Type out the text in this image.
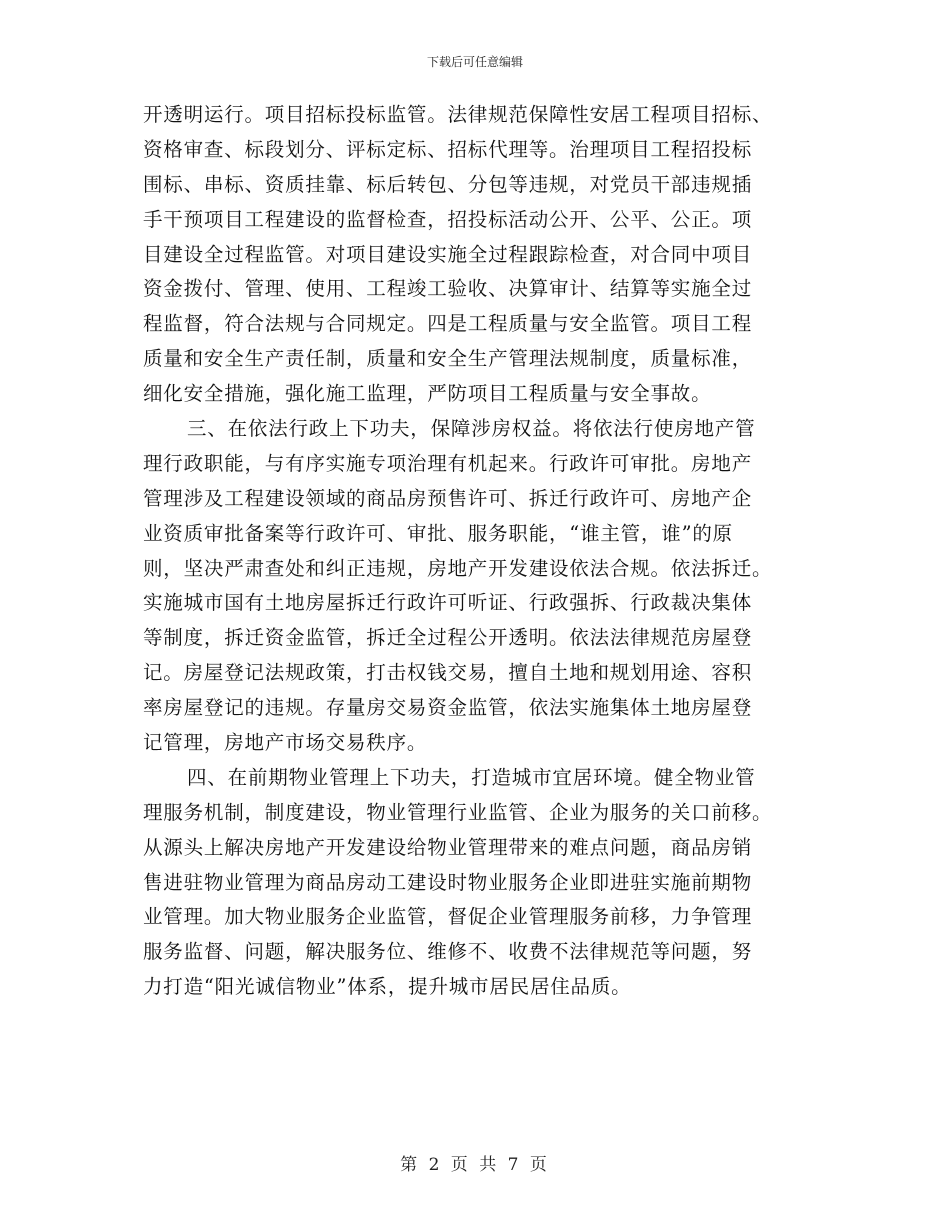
下载后可任意编辑
开透明运行。项目招标投标监管。法律规范保障性安居工程项目招标、
资格审查、标段划分、评标定标、招标代理等。治理项目工程招投标
围标、串标、资质挂靠、标后转包、分包等违规，对党员干部违规插
手干预项目工程建设的监督检查，招投标活动公开、公平、公正。项
目建设全过程监管。对项目建设实施全过程跟踪检查，对合同中项目
资金拨付、管理、使用、工程竣工验收、决算审计、结算等实施全过
程监督，符合法规与合同规定。四是工程质量与安全监管。项目工程
质量和安全生产责任制，质量和安全生产管理法规制度，质量标准，
细化安全措施，强化施工监理，严防项目工程质量与安全事故。
三、在依法行政上下功夫，保障涉房权益。将依法行使房地产管
理行政职能，与有序实施专项治理有机起来。行政许可审批。房地产
管理涉及工程建设领域的商品房预售许可、拆迁行政许可、房地产企
业资质审批备案等行政许可、审批、服务职能，“谁主管，谁”的原
则，坚决严肃查处和纠正违规，房地产开发建设依法合规。依法拆迁。
实施城市国有土地房屋拆迁行政许可听证、行政强拆、行政裁决集体
等制度，拆迁资金监管，拆迁全过程公开透明。依法法律规范房屋登
记。房屋登记法规政策，打击权钱交易，擅自土地和规划用途、容积
率房屋登记的违规。存量房交易资金监管，依法实施集体土地房屋登
记管理，房地产市场交易秩序。
四、在前期物业管理上下功夫，打造城市宜居环境。健全物业管
理服务机制，制度建设，物业管理行业监管、企业为服务的关口前移。
从源头上解决房地产开发建设给物业管理带来的难点问题，商品房销
售进驻物业管理为商品房动工建设时物业服务企业即进驻实施前期物
业管理。加大物业服务企业监管，督促企业管理服务前移，力争管理
服务监督、问题，解决服务位、维修不、收费不法律规范等问题，努
力打造“阳光诚信物业”体系，提升城市居民居住品质。
第 2 页 共 7 页
